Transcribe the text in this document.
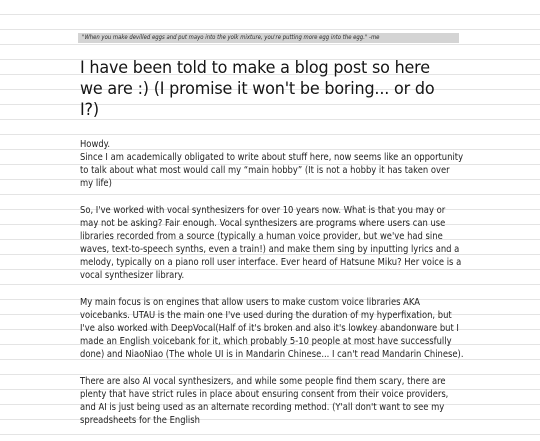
"When you make devilled eggs and put mayo into the yolk mixture, you're putting more egg into the egg." -me
I have been told to make a blog post so here we are :) (I promise it won't be boring... or do I?)

Howdy.
Since I am academically obligated to write about stuff here, now seems like an opportunity to talk about what most would call my “main hobby” (It is not a hobby it has taken over my life)

So, I've worked with vocal synthesizers for over 10 years now. What is that you may or may not be asking? Fair enough. Vocal synthesizers are programs where users can use libraries recorded from a source (typically a human voice provider, but we've had sine waves, text-to-speech synths, even a train!) and make them sing by inputting lyrics and a melody, typically on a piano roll user interface. Ever heard of Hatsune Miku? Her voice is a vocal synthesizer library.

My main focus is on engines that allow users to make custom voice libraries AKA voicebanks. UTAU is the main one I've used during the duration of my hyperfixation, but I've also worked with DeepVocal(Half of it's broken and also it's lowkey abandonware but I made an English voicebank for it, which probably 5-10 people at most have successfully done) and NiaoNiao (The whole UI is in Mandarin Chinese... I can't read Mandarin Chinese).

There are also AI vocal synthesizers, and while some people find them scary, there are plenty that have strict rules in place about ensuring consent from their voice providers, and AI is just being used as an alternate recording method. (Y'all don't want to see my spreadsheets for the English
